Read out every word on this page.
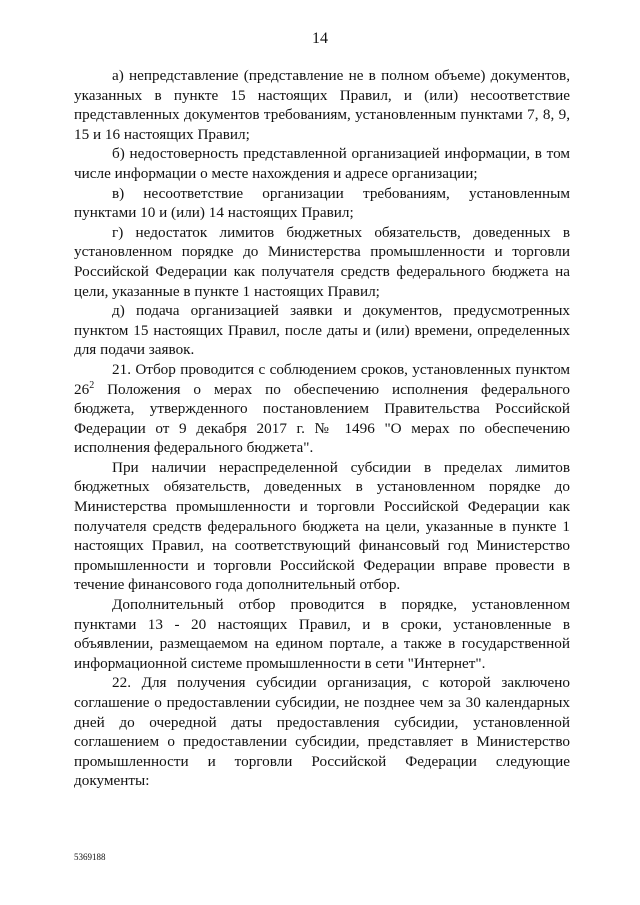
14

а) непредставление (представление не в полном объеме) документов, указанных в пункте 15 настоящих Правил, и (или) несоответствие представленных документов требованиям, установленным пунктами 7, 8, 9, 15 и 16 настоящих Правил;

б) недостоверность представленной организацией информации, в том числе информации о месте нахождения и адресе организации;

в) несоответствие организации требованиям, установленным пунктами 10 и (или) 14 настоящих Правил;

г) недостаток лимитов бюджетных обязательств, доведенных в установленном порядке до Министерства промышленности и торговли Российской Федерации как получателя средств федерального бюджета на цели, указанные в пункте 1 настоящих Правил;

д) подача организацией заявки и документов, предусмотренных пунктом 15 настоящих Правил, после даты и (или) времени, определенных для подачи заявок.

21. Отбор проводится с соблюдением сроков, установленных пунктом $26^2$ Положения о мерах по обеспечению исполнения федерального бюджета, утвержденного постановлением Правительства Российской Федерации от 9 декабря 2017 г. № 1496 "О мерах по обеспечению исполнения федерального бюджета".

При наличии нераспределенной субсидии в пределах лимитов бюджетных обязательств, доведенных в установленном порядке до Министерства промышленности и торговли Российской Федерации как получателя средств федерального бюджета на цели, указанные в пункте 1 настоящих Правил, на соответствующий финансовый год Министерство промышленности и торговли Российской Федерации вправе провести в течение финансового года дополнительный отбор.

Дополнительный отбор проводится в порядке, установленном пунктами 13 - 20 настоящих Правил, и в сроки, установленные в объявлении, размещаемом на едином портале, а также в государственной информационной системе промышленности в сети "Интернет".

22. Для получения субсидии организация, с которой заключено соглашение о предоставлении субсидии, не позднее чем за 30 календарных дней до очередной даты предоставления субсидии, установленной соглашением о предоставлении субсидии, представляет в Министерство промышленности и торговли Российской Федерации следующие документы:

5369188
